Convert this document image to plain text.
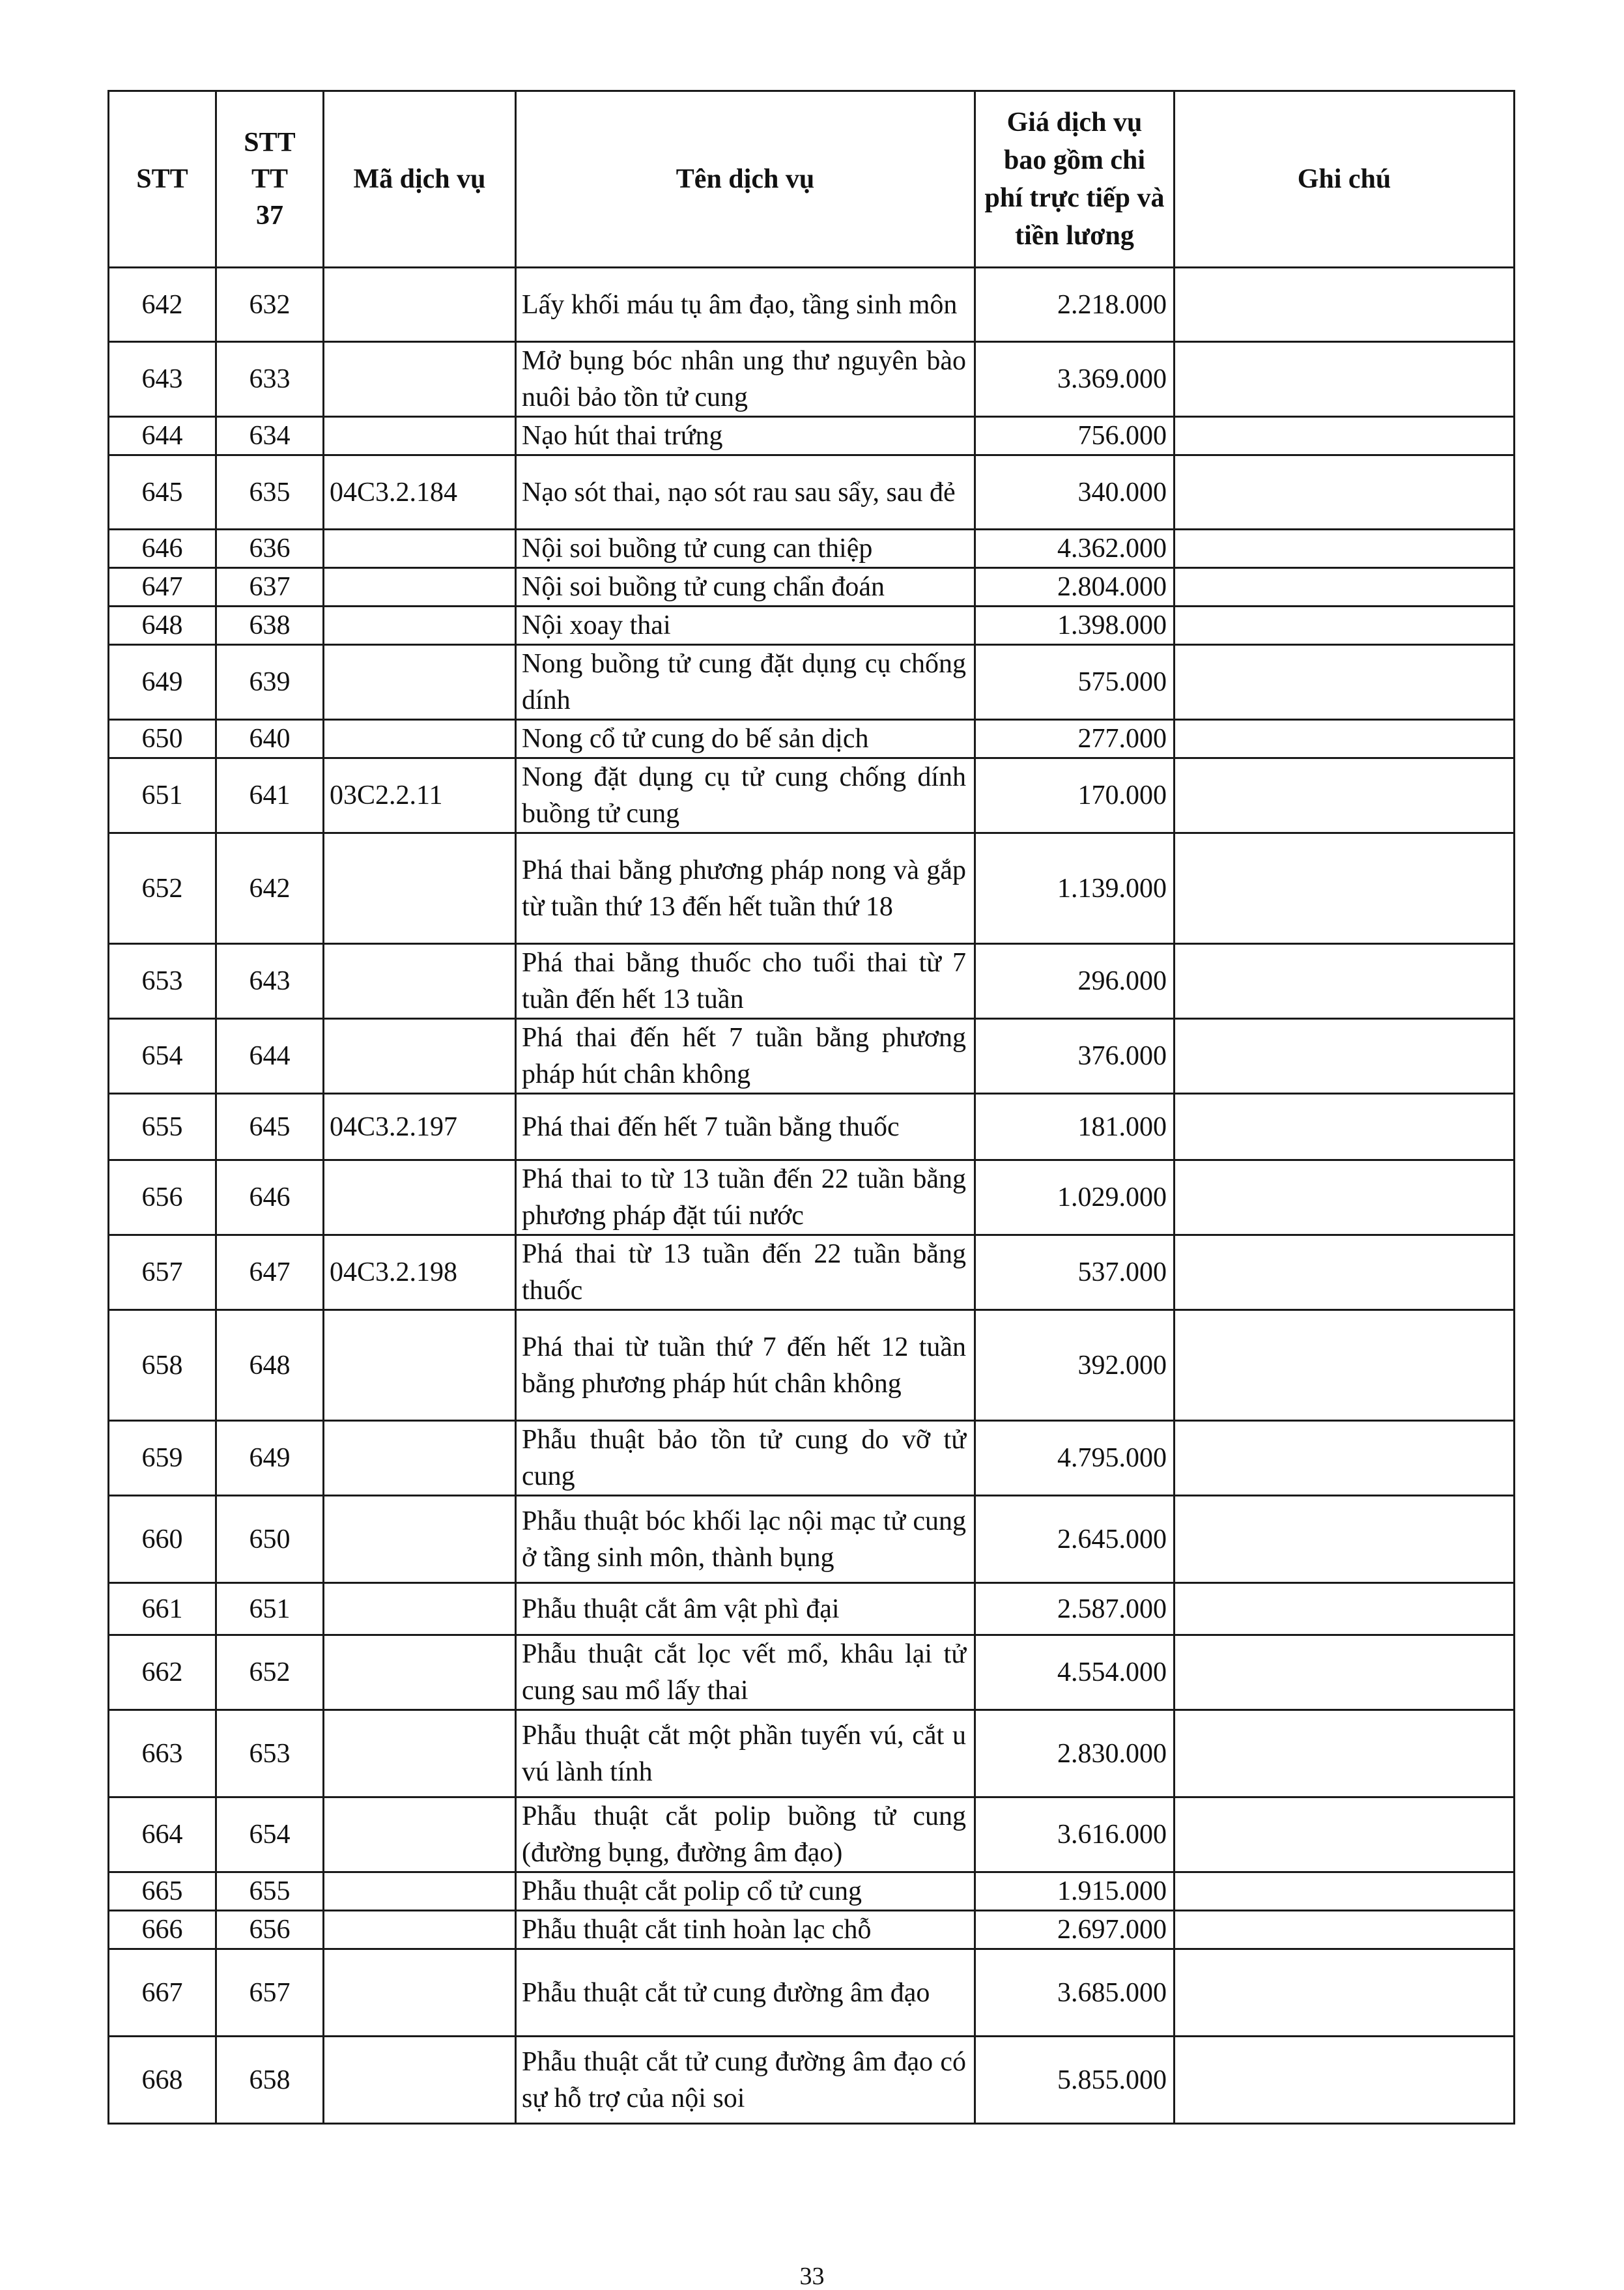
STT	STT TT 37	Mã dịch vụ	Tên dịch vụ	Giá dịch vụ bao gồm chi phí trực tiếp và tiền lương	Ghi chú
642	632		Lấy khối máu tụ âm đạo, tầng sinh môn	2.218.000	
643	633		Mở bụng bóc nhân ung thư nguyên bào nuôi bảo tồn tử cung	3.369.000	
644	634		Nạo hút thai trứng	756.000	
645	635	04C3.2.184	Nạo sót thai, nạo sót rau sau sẩy, sau đẻ	340.000	
646	636		Nội soi buồng tử cung can thiệp	4.362.000	
647	637		Nội soi buồng tử cung chẩn đoán	2.804.000	
648	638		Nội xoay thai	1.398.000	
649	639		Nong buồng tử cung đặt dụng cụ chống dính	575.000	
650	640		Nong cổ tử cung do bế sản dịch	277.000	
651	641	03C2.2.11	Nong đặt dụng cụ tử cung chống dính buồng tử cung	170.000	
652	642		Phá thai bằng phương pháp nong và gắp từ tuần thứ 13 đến hết tuần thứ 18	1.139.000	
653	643		Phá thai bằng thuốc cho tuổi thai từ 7 tuần đến hết 13 tuần	296.000	
654	644		Phá thai đến hết 7 tuần bằng phương pháp hút chân không	376.000	
655	645	04C3.2.197	Phá thai đến hết 7 tuần bằng thuốc	181.000	
656	646		Phá thai to từ 13 tuần đến 22 tuần bằng phương pháp đặt túi nước	1.029.000	
657	647	04C3.2.198	Phá thai từ 13 tuần đến 22 tuần bằng thuốc	537.000	
658	648		Phá thai từ tuần thứ 7 đến hết 12 tuần bằng phương pháp hút chân không	392.000	
659	649		Phẫu thuật bảo tồn tử cung do vỡ tử cung	4.795.000	
660	650		Phẫu thuật bóc khối lạc nội mạc tử cung ở tầng sinh môn, thành bụng	2.645.000	
661	651		Phẫu thuật cắt âm vật phì đại	2.587.000	
662	652		Phẫu thuật cắt lọc vết mổ, khâu lại tử cung sau mổ lấy thai	4.554.000	
663	653		Phẫu thuật cắt một phần tuyến vú, cắt u vú lành tính	2.830.000	
664	654		Phẫu thuật cắt polip buồng tử cung (đường bụng, đường âm đạo)	3.616.000	
665	655		Phẫu thuật cắt polip cổ tử cung	1.915.000	
666	656		Phẫu thuật cắt tinh hoàn lạc chỗ	2.697.000	
667	657		Phẫu thuật cắt tử cung đường âm đạo	3.685.000	
668	658		Phẫu thuật cắt tử cung đường âm đạo có sự hỗ trợ của nội soi	5.855.000	
33
